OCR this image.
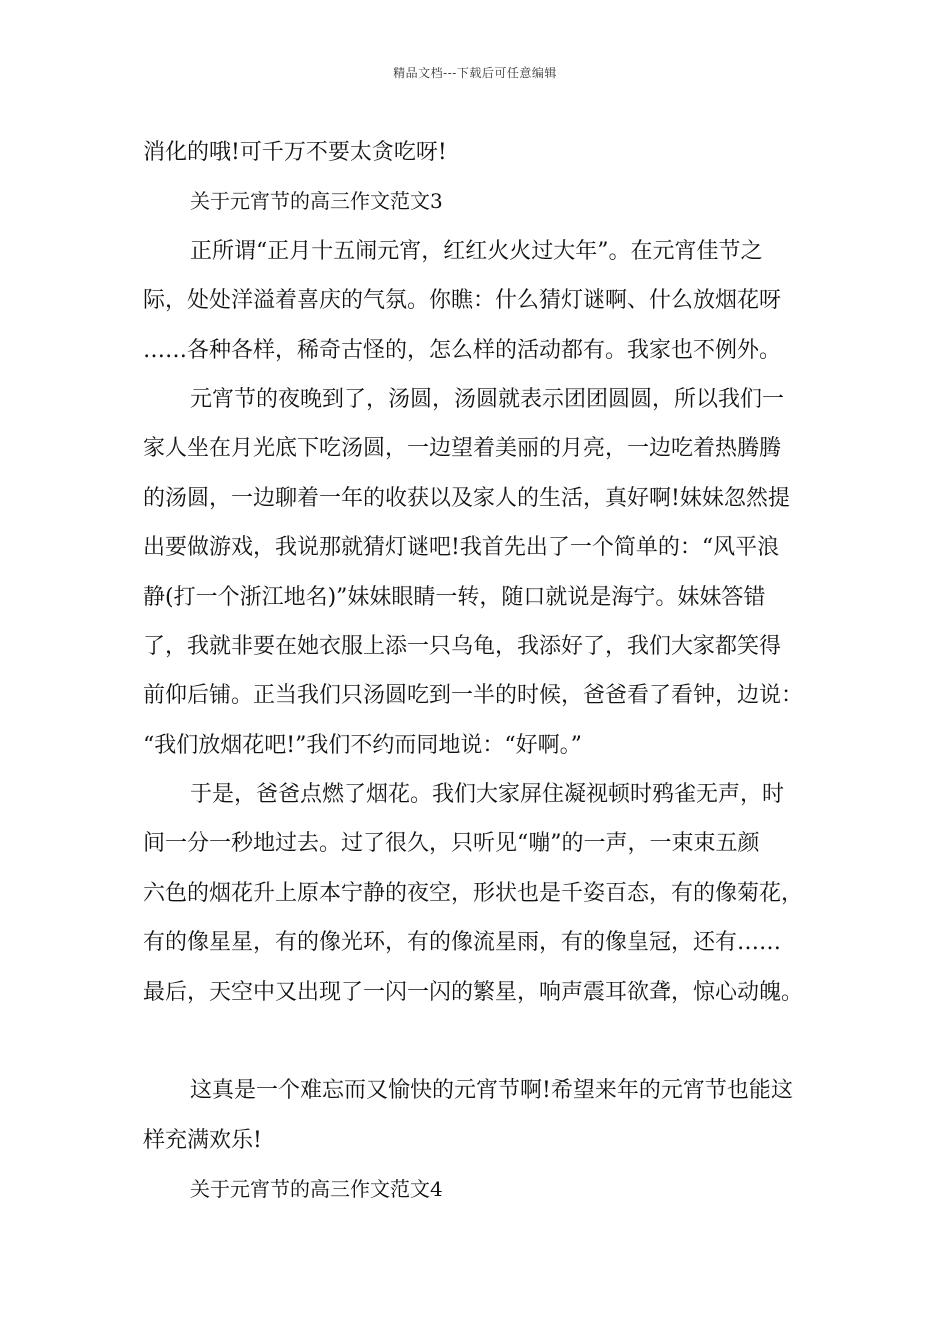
精品文档---下载后可任意编辑
消化的哦!可千万不要太贪吃呀!
关于元宵节的高三作文范文3
正所谓“正月十五闹元宵，红红火火过大年”。在元宵佳节之
际，处处洋溢着喜庆的气氛。你瞧：什么猜灯谜啊、什么放烟花呀
……各种各样，稀奇古怪的，怎么样的活动都有。我家也不例外。
元宵节的夜晚到了，汤圆，汤圆就表示团团圆圆，所以我们一
家人坐在月光底下吃汤圆，一边望着美丽的月亮，一边吃着热腾腾
的汤圆，一边聊着一年的收获以及家人的生活，真好啊!妹妹忽然提
出要做游戏，我说那就猜灯谜吧!我首先出了一个简单的：“风平浪
静(打一个浙江地名)”妹妹眼睛一转，随口就说是海宁。妹妹答错
了，我就非要在她衣服上添一只乌龟，我添好了，我们大家都笑得
前仰后铺。正当我们只汤圆吃到一半的时候，爸爸看了看钟，边说：
“我们放烟花吧!”我们不约而同地说：“好啊。”
于是，爸爸点燃了烟花。我们大家屏住凝视顿时鸦雀无声，时
间一分一秒地过去。过了很久，只听见“嘣”的一声，一束束五颜
六色的烟花升上原本宁静的夜空，形状也是千姿百态，有的像菊花，
有的像星星，有的像光环，有的像流星雨，有的像皇冠，还有……
最后，天空中又出现了一闪一闪的繁星，响声震耳欲聋，惊心动魄。
这真是一个难忘而又愉快的元宵节啊!希望来年的元宵节也能这
样充满欢乐!
关于元宵节的高三作文范文4
